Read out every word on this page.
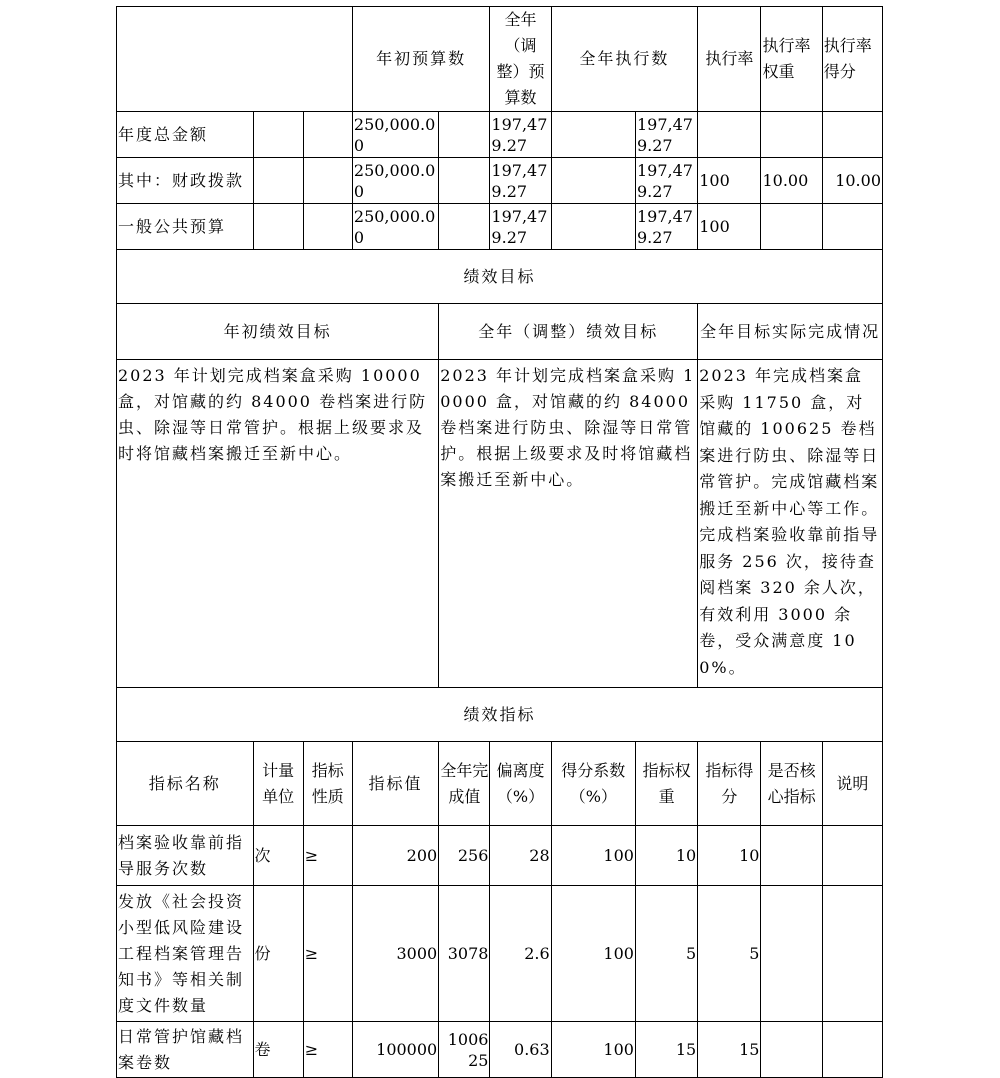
			年初预算数		全年（调整）预算数	全年执行数		执行率	执行率权重	执行率得分
年度总金额			250,000.00		197,479.27		197,479.27			
其中：财政拨款			250,000.00		197,479.27		197,479.27	100	10.00	10.00
一般公共预算			250,000.00		197,479.27		197,479.27	100		
绩效目标										
年初绩效目标				全年（调整）绩效目标				全年目标实际完成情况		
2023 年计划完成档案盒采购 10000 盒，对馆藏的约 84000 卷档案进行防虫、除湿等日常管护。根据上级要求及时将馆藏档案搬迁至新中心。				2023 年计划完成档案盒采购 10000 盒，对馆藏的约 84000 卷档案进行防虫、除湿等日常管护。根据上级要求及时将馆藏档案搬迁至新中心。				2023 年完成档案盒采购 11750 盒，对馆藏的 100625 卷档案进行防虫、除湿等日常管护。完成馆藏档案搬迁至新中心等工作。完成档案验收靠前指导服务 256 次，接待查阅档案 320 余人次，有效利用 3000 余卷，受众满意度 100%。		
绩效指标										
指标名称	计量单位	指标性质	指标值	全年完成值	偏离度（%）	得分系数（%）	指标权重	指标得分	是否核心指标	说明
档案验收靠前指导服务次数	次	≥	200	256	28	100	10	10		
发放《社会投资小型低风险建设工程档案管理告知书》等相关制度文件数量	份	≥	3000	3078	2.6	100	5	5		
日常管护馆藏档案卷数	卷	≥	100000	100625	0.63	100	15	15		
